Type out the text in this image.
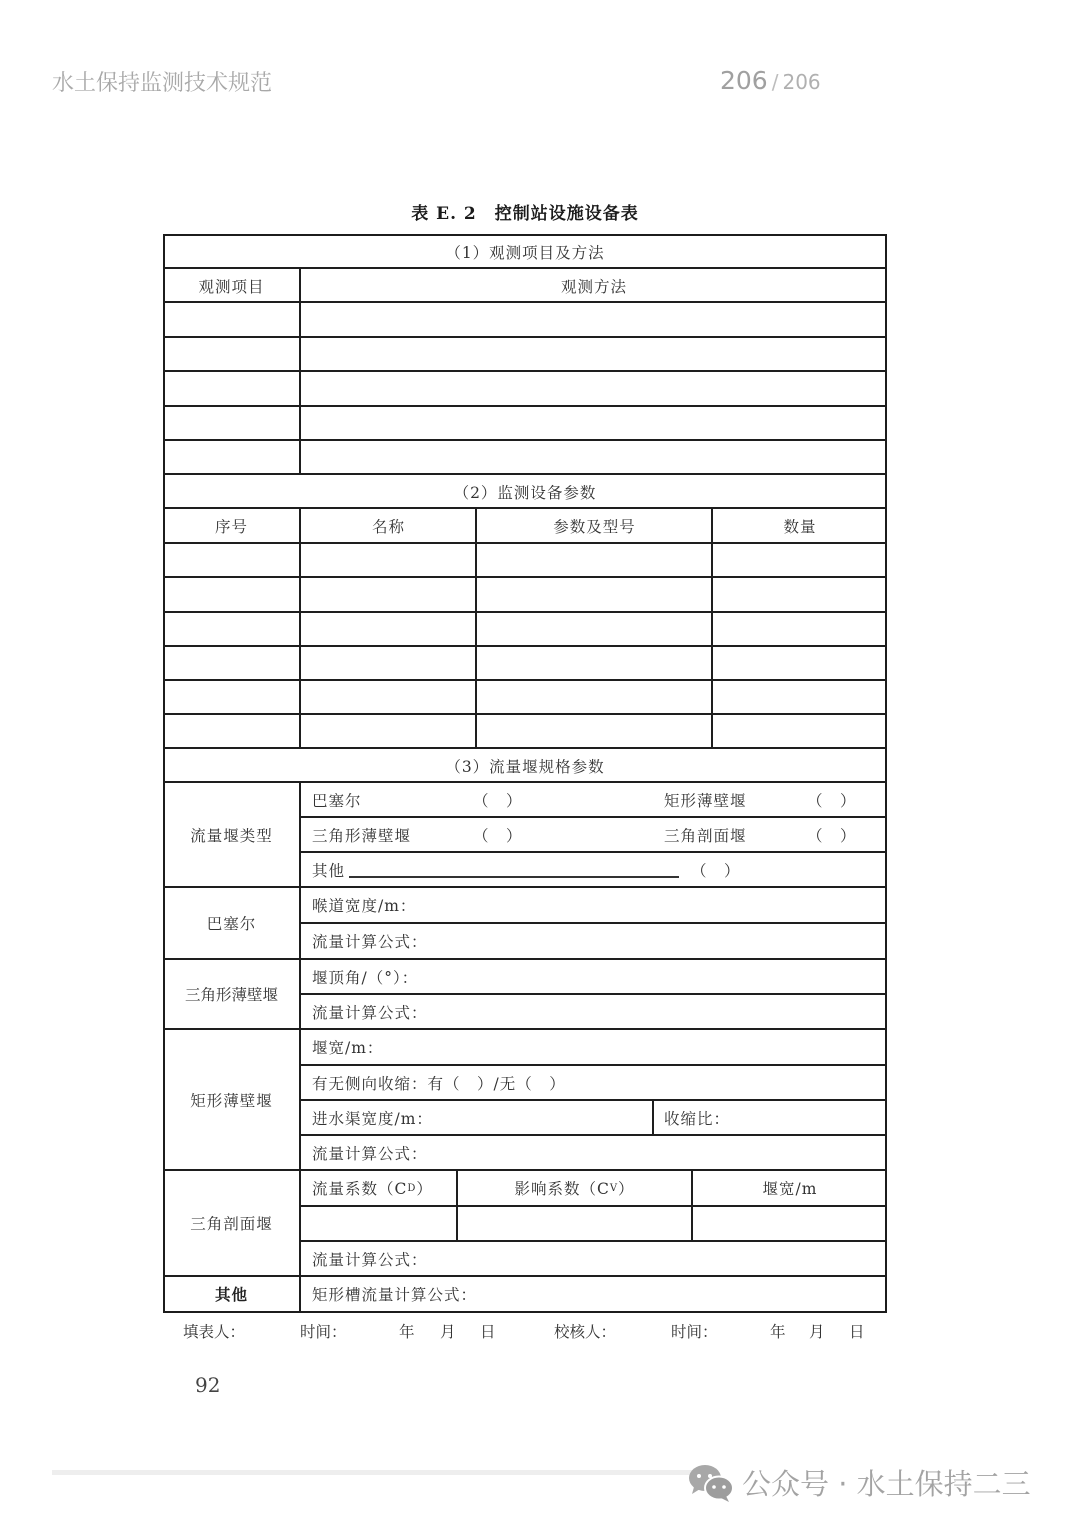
水土保持监测技术规范	206 / 206
表 E. 2　控制站设施设备表
（1）观测项目及方法
观测项目	观测方法
（2）监测设备参数
序号	名称	参数及型号	数量
（3）流量堰规格参数
流量堰类型
巴塞尔	（　）	矩形薄壁堰	（　）
三角形薄壁堰	（　）	三角剖面堰	（　）
其他	（　）
巴塞尔
喉道宽度/m：
流量计算公式：
三角形薄壁堰
堰顶角/（°）：
流量计算公式：
矩形薄壁堰
堰宽/m：
有无侧向收缩：有（　）/无（　）
进水渠宽度/m：	收缩比：
流量计算公式：
三角剖面堰
流量系数（C D ）	影响系数（C V ）	堰宽/m
流量计算公式：
其他	矩形槽流量计算公式：
填表人：	时间：	年 月 日	校核人：	时间：	年 月 日
92
公众号 · 水土保持二三
